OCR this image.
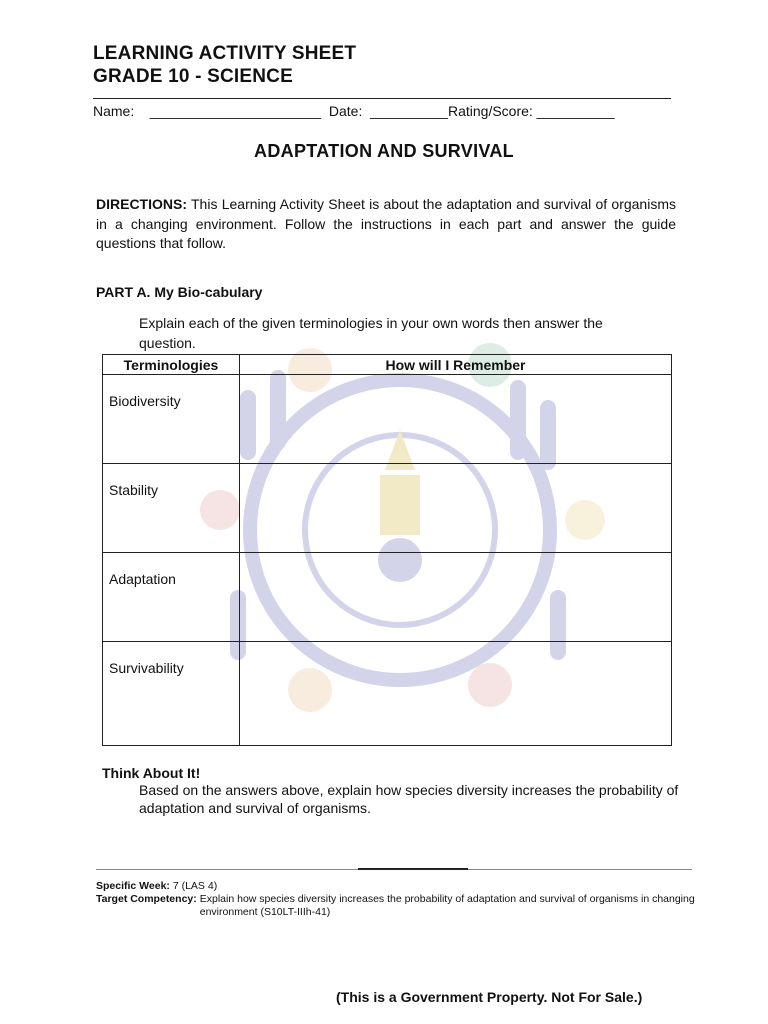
LEARNING ACTIVITY SHEET
GRADE 10 - SCIENCE
Name:    ______________________  Date:  __________Rating/Score: __________
ADAPTATION AND SURVIVAL
DIRECTIONS: This Learning Activity Sheet is about the adaptation and survival of organisms in a changing environment. Follow the instructions in each part and answer the guide questions that follow.
PART A. My Bio-cabulary
Explain each of the given terminologies in your own words then answer the question.
Terminologies	How will I Remember
Biodiversity	
Stability	
Adaptation	
Survivability	
Think About It!
Based on the answers above, explain how species diversity increases the probability of adaptation and survival of organisms.
Specific Week: 7 (LAS 4)
Target Competency: Explain how species diversity increases the probability of adaptation and survival of organisms in changing environment (S10LT-IIIh-41)
(This is a Government Property. Not For Sale.)
